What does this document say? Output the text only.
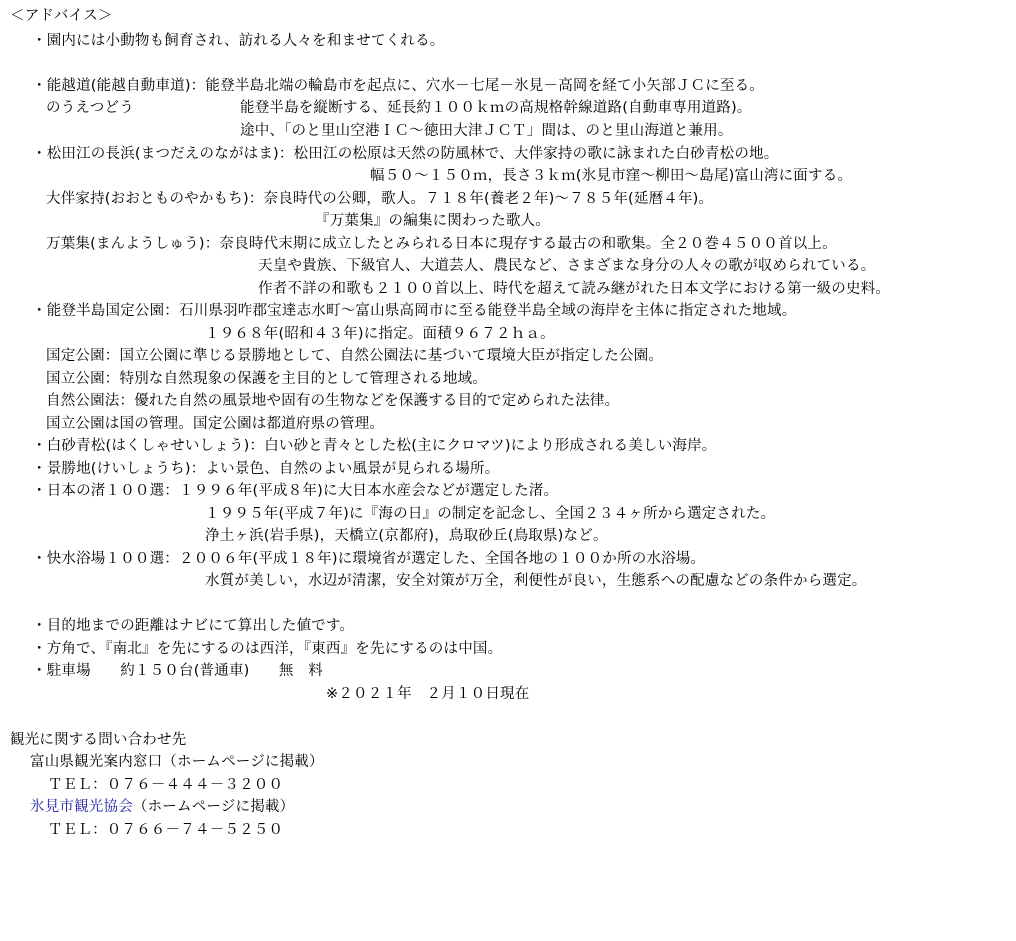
＜アドバイス＞
・園内には小動物も飼育され、訪れる人々を和ませてくれる。
・能越道(能越自動車道)：能登半島北端の輪島市を起点に、穴水－七尾－氷見－高岡を経て小矢部ＪＣに至る。
のうえつどう	能登半島を縦断する、延長約１００ｋｍの高規格幹線道路(自動車専用道路)。
途中、「のと里山空港ＩＣ～徳田大津ＪＣＴ」間は、のと里山海道と兼用。
・松田江の長浜(まつだえのながはま)：松田江の松原は天然の防風林で、大伴家持の歌に詠まれた白砂青松の地。
幅５０～１５０ｍ，長さ３ｋｍ(氷見市窪～柳田～島尾)富山湾に面する。
大伴家持(おおとものやかもち)：奈良時代の公卿，歌人。７１８年(養老２年)～７８５年(延暦４年)。
『万葉集』の編集に関わった歌人。
万葉集(まんようしゅう)：奈良時代末期に成立したとみられる日本に現存する最古の和歌集。全２０巻４５００首以上。
天皇や貴族、下級官人、大道芸人、農民など、さまざまな身分の人々の歌が収められている。
作者不詳の和歌も２１００首以上、時代を超えて読み継がれた日本文学における第一級の史料。
・能登半島国定公園：石川県羽咋郡宝達志水町～富山県高岡市に至る能登半島全域の海岸を主体に指定された地域。
１９６８年(昭和４３年)に指定。面積９６７２ｈａ。
国定公園：国立公園に準じる景勝地として、自然公園法に基づいて環境大臣が指定した公園。
国立公園：特別な自然現象の保護を主目的として管理される地域。
自然公園法：優れた自然の風景地や固有の生物などを保護する目的で定められた法律。
国立公園は国の管理。国定公園は都道府県の管理。
・白砂青松(はくしゃせいしょう)：白い砂と青々とした松(主にクロマツ)により形成される美しい海岸。
・景勝地(けいしょうち)：よい景色、自然のよい風景が見られる場所。
・日本の渚１００選：１９９６年(平成８年)に大日本水産会などが選定した渚。
１９９５年(平成７年)に『海の日』の制定を記念し、全国２３４ヶ所から選定された。
浄土ヶ浜(岩手県)，天橋立(京都府)，鳥取砂丘(鳥取県)など。
・快水浴場１００選：２００６年(平成１８年)に環境省が選定した、全国各地の１００か所の水浴場。
水質が美しい，水辺が清潔，安全対策が万全，利便性が良い，生態系への配慮などの条件から選定。
・目的地までの距離はナビにて算出した値です。
・方角で、『南北』を先にするのは西洋，『東西』を先にするのは中国。
・駐車場　　約１５０台(普通車)　　無　料
※２０２１年　２月１０日現在
観光に関する問い合わせ先
富山県観光案内窓口（ホームページに掲載）
ＴＥＬ：０７６－４４４－３２００
氷見市観光協会（ホームページに掲載）
ＴＥＬ：０７６６－７４－５２５０
